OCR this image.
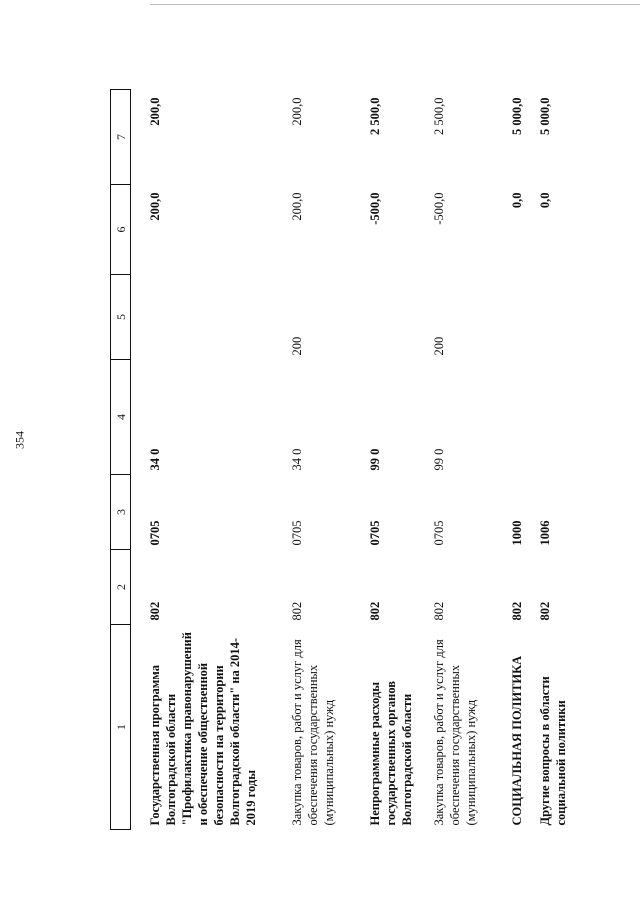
354
1	2	3	4	5	6	7

Государственная программа Волгоградской области "Профилактика правонарушений и обеспечение общественной безопасности на территории Волгоградской области" на 2014-2019 годы	802	0705	34 0		200,0	200,0
Закупка товаров, работ и услуг для обеспечения государственных (муниципальных) нужд	802	0705	34 0	200	200,0	200,0
Непрограммные расходы государственных органов Волгоградской области	802	0705	99 0		-500,0	2 500,0
Закупка товаров, работ и услуг для обеспечения государственных (муниципальных) нужд	802	0705	99 0	200	-500,0	2 500,0
СОЦИАЛЬНАЯ ПОЛИТИКА	802	1000			0,0	5 000,0
Другие вопросы в области социальной политики	802	1006			0,0	5 000,0
